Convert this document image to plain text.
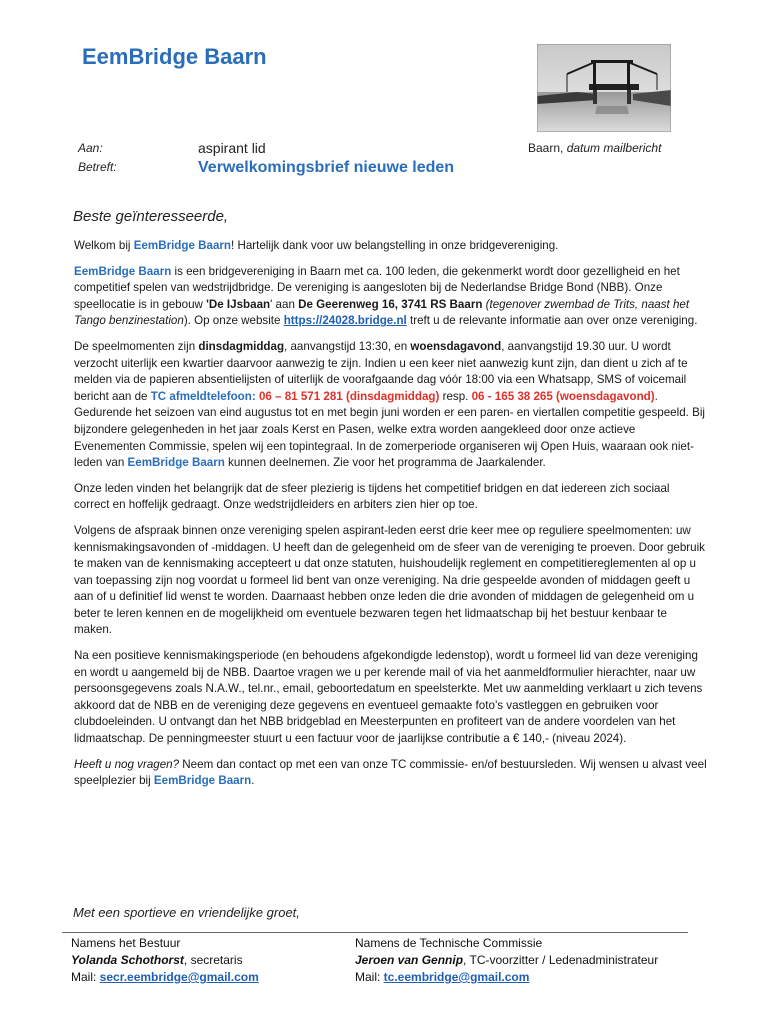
EemBridge Baarn
Aan:
Betreft:
aspirant lid
Verwelkomingsbrief nieuwe leden
Baarn, datum mailbericht
Beste geïnteresseerde,

Welkom bij EemBridge Baarn! Hartelijk dank voor uw belangstelling in onze bridgevereniging.

EemBridge Baarn is een bridgevereniging in Baarn met ca. 100 leden, die gekenmerkt wordt door gezelligheid en het competitief spelen van wedstrijdbridge. De vereniging is aangesloten bij de Nederlandse Bridge Bond (NBB). Onze speellocatie is in gebouw 'De IJsbaan' aan De Geerenweg 16, 3741 RS Baarn (tegenover zwembad de Trits, naast het Tango benzinestation). Op onze website https://24028.bridge.nl treft u de relevante informatie aan over onze vereniging.

De speelmomenten zijn dinsdagmiddag, aanvangstijd 13:30, en woensdagavond, aanvangstijd 19.30 uur. U wordt verzocht uiterlijk een kwartier daarvoor aanwezig te zijn. Indien u een keer niet aanwezig kunt zijn, dan dient u zich af te melden via de papieren absentielijsten of uiterlijk de voorafgaande dag vóór 18:00 via een Whatsapp, SMS of voicemail bericht aan de TC afmeldtelefoon: 06 – 81 571 281 (dinsdagmiddag) resp. 06 - 165 38 265 (woensdagavond). Gedurende het seizoen van eind augustus tot en met begin juni worden er een paren- en viertallen competitie gespeeld. Bij bijzondere gelegenheden in het jaar zoals Kerst en Pasen, welke extra worden aangekleed door onze actieve Evenementen Commissie, spelen wij een topintegraal. In de zomerperiode organiseren wij Open Huis, waaraan ook niet-leden van EemBridge Baarn kunnen deelnemen. Zie voor het programma de Jaarkalender.

Onze leden vinden het belangrijk dat de sfeer plezierig is tijdens het competitief bridgen en dat iedereen zich sociaal correct en hoffelijk gedraagt. Onze wedstrijdleiders en arbiters zien hier op toe.

Volgens de afspraak binnen onze vereniging spelen aspirant-leden eerst drie keer mee op reguliere speelmomenten: uw kennismakingsavonden of -middagen. U heeft dan de gelegenheid om de sfeer van de vereniging te proeven. Door gebruik te maken van de kennismaking accepteert u dat onze statuten, huishoudelijk reglement en competitiereglementen al op u van toepassing zijn nog voordat u formeel lid bent van onze vereniging. Na drie gespeelde avonden of middagen geeft u aan of u definitief lid wenst te worden. Daarnaast hebben onze leden die drie avonden of middagen de gelegenheid om u beter te leren kennen en de mogelijkheid om eventuele bezwaren tegen het lidmaatschap bij het bestuur kenbaar te maken.

Na een positieve kennismakingsperiode (en behoudens afgekondigde ledenstop), wordt u formeel lid van deze vereniging en wordt u aangemeld bij de NBB. Daartoe vragen we u per kerende mail of via het aanmeldformulier hierachter, naar uw persoonsgegevens zoals N.A.W., tel.nr., email, geboortedatum en speelsterkte. Met uw aanmelding verklaart u zich tevens akkoord dat de NBB en de vereniging deze gegevens en eventueel gemaakte foto’s vastleggen en gebruiken voor clubdoeleinden. U ontvangt dan het NBB bridgeblad en Meesterpunten en profiteert van de andere voordelen van het lidmaatschap. De penningmeester stuurt u een factuur voor de jaarlijkse contributie a € 140,- (niveau 2024).

Heeft u nog vragen? Neem dan contact op met een van onze TC commissie- en/of bestuursleden. Wij wensen u alvast veel speelplezier bij EemBridge Baarn.

Met een sportieve en vriendelijke groet,
Namens het Bestuur
Yolanda Schothorst, secretaris
Mail: secr.eembridge@gmail.com
Namens de Technische Commissie
Jeroen van Gennip, TC-voorzitter / Ledenadministrateur
Mail: tc.eembridge@gmail.com
